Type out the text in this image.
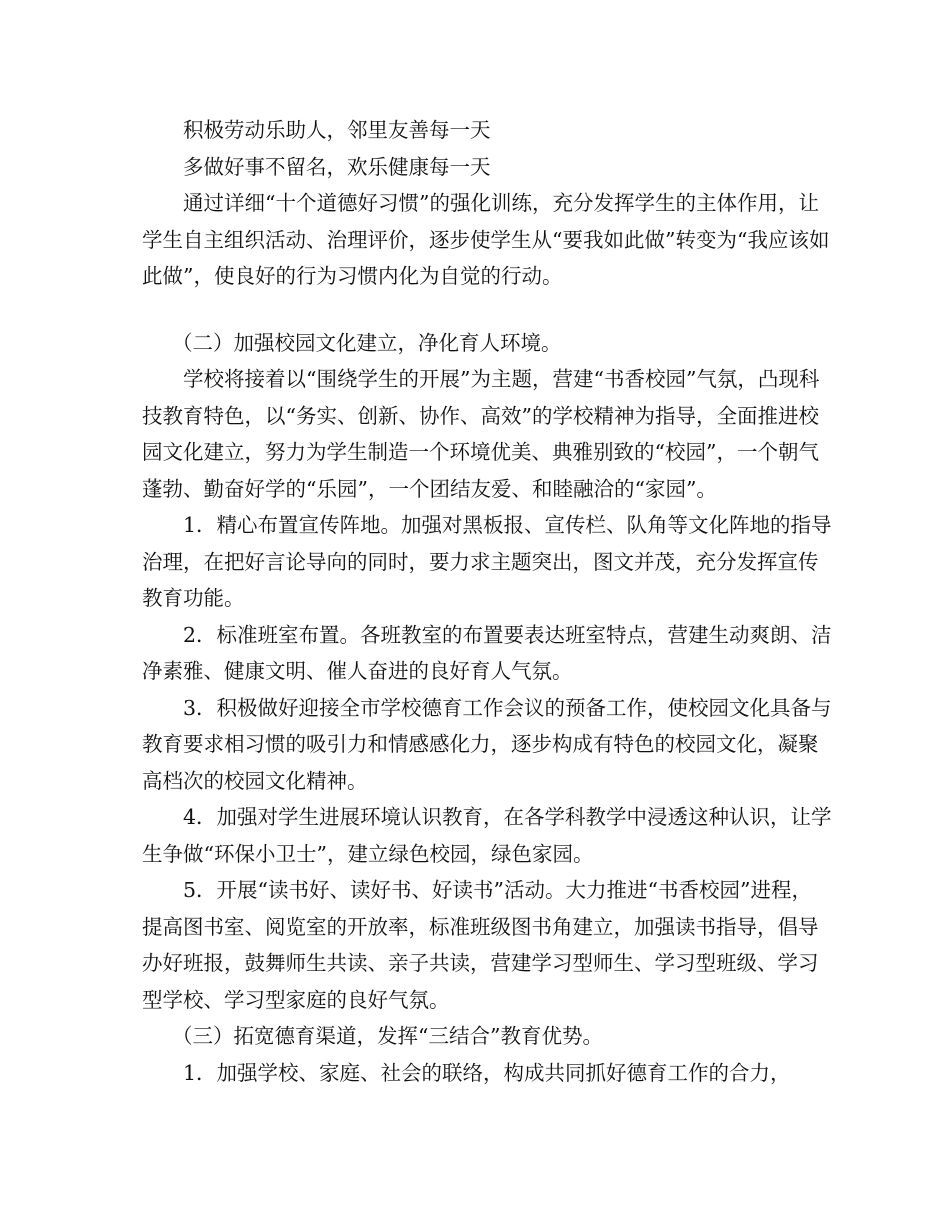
积极劳动乐助人，邻里友善每一天

多做好事不留名，欢乐健康每一天

通过详细“十个道德好习惯”的强化训练，充分发挥学生的主体作用，让学生自主组织活动、治理评价，逐步使学生从“要我如此做”转变为“我应该如此做”，使良好的行为习惯内化为自觉的行动。

（二）加强校园文化建立，净化育人环境。

学校将接着以“围绕学生的开展”为主题，营建“书香校园”气氛，凸现科技教育特色，以“务实、创新、协作、高效”的学校精神为指导，全面推进校园文化建立，努力为学生制造一个环境优美、典雅别致的“校园”，一个朝气蓬勃、勤奋好学的“乐园”，一个团结友爱、和睦融洽的“家园”。

1．精心布置宣传阵地。加强对黑板报、宣传栏、队角等文化阵地的指导治理，在把好言论导向的同时，要力求主题突出，图文并茂，充分发挥宣传教育功能。

2．标准班室布置。各班教室的布置要表达班室特点，营建生动爽朗、洁净素雅、健康文明、催人奋进的良好育人气氛。

3．积极做好迎接全市学校德育工作会议的预备工作，使校园文化具备与教育要求相习惯的吸引力和情感感化力，逐步构成有特色的校园文化，凝聚高档次的校园文化精神。

4．加强对学生进展环境认识教育，在各学科教学中浸透这种认识，让学生争做“环保小卫士”，建立绿色校园，绿色家园。

5．开展“读书好、读好书、好读书”活动。大力推进“书香校园”进程，提高图书室、阅览室的开放率，标准班级图书角建立，加强读书指导，倡导办好班报，鼓舞师生共读、亲子共读，营建学习型师生、学习型班级、学习型学校、学习型家庭的良好气氛。

（三）拓宽德育渠道，发挥“三结合”教育优势。

1．加强学校、家庭、社会的联络，构成共同抓好德育工作的合力，
